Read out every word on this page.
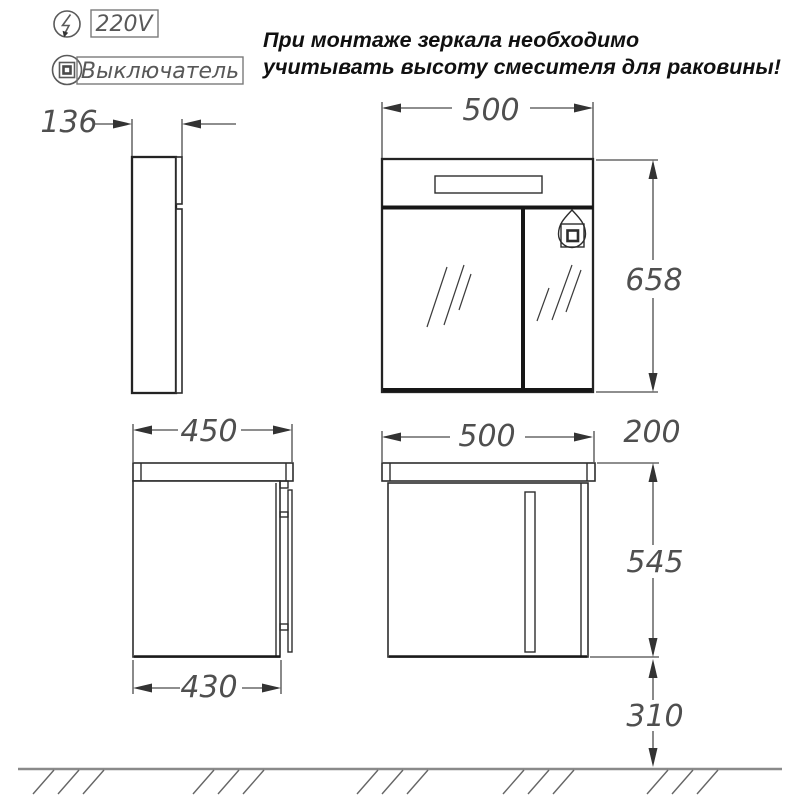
220V
Выключатель
При монтаже зеркала необходимо
учитывать высоту смесителя для раковины!
136	500
658
450
430
500	200
545
310
